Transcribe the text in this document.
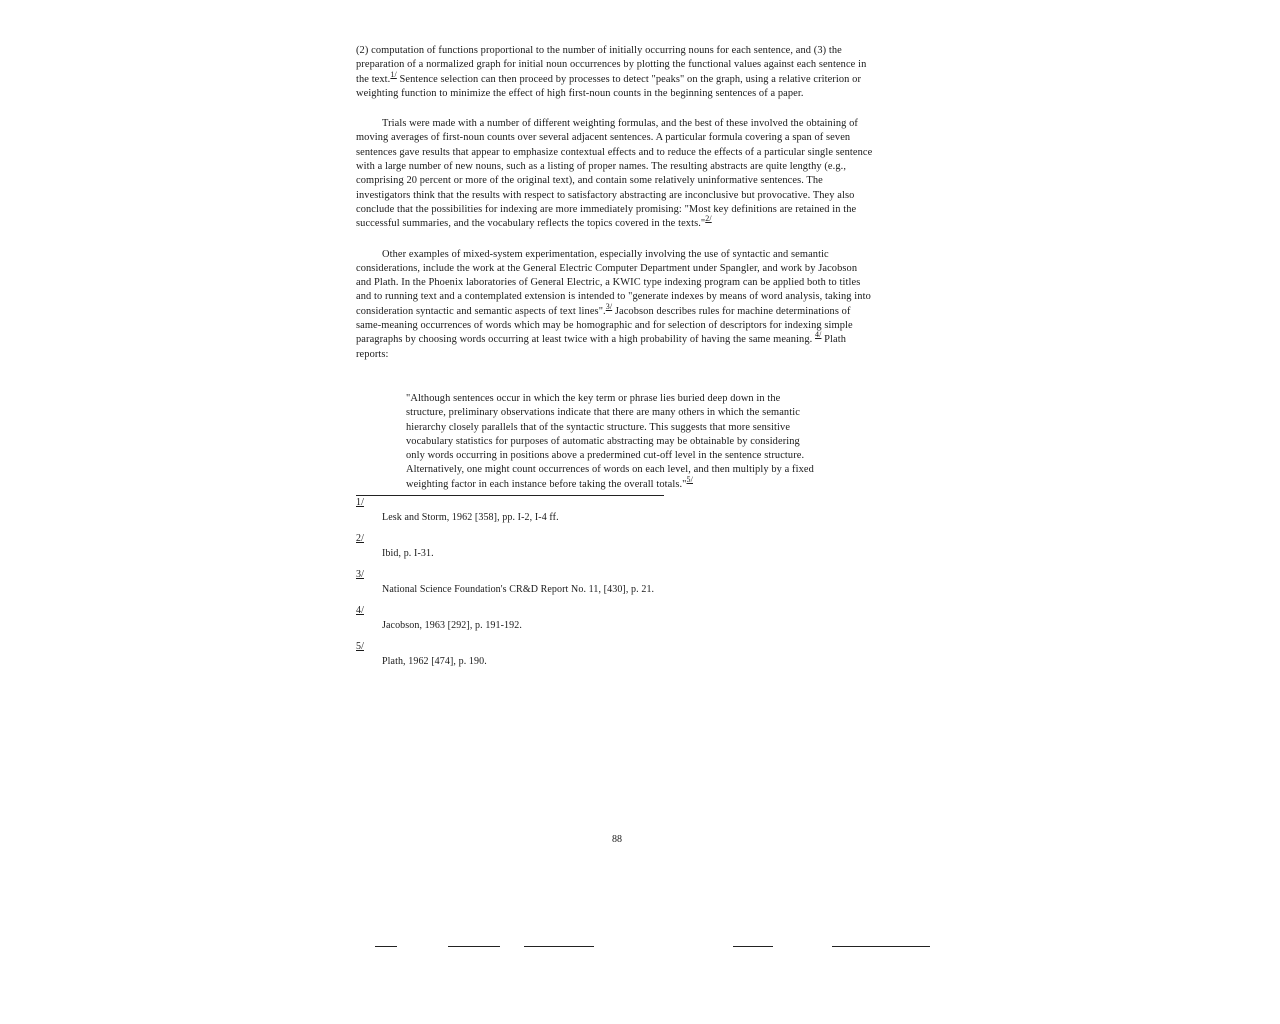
(2) computation of functions proportional to the number of initially occurring nouns for each sentence, and (3) the preparation of a normalized graph for initial noun occurrences by plotting the functional values against each sentence in the text.$^{1/}$ Sentence selection can then proceed by processes to detect "peaks" on the graph, using a relative criterion or weighting function to minimize the effect of high first-noun counts in the beginning sentences of a paper.

Trials were made with a number of different weighting formulas, and the best of these involved the obtaining of moving averages of first-noun counts over several adjacent sentences. A particular formula covering a span of seven sentences gave results that appear to emphasize contextual effects and to reduce the effects of a particular single sentence with a large number of new nouns, such as a listing of proper names. The resulting abstracts are quite lengthy (e.g., comprising 20 percent or more of the original text), and contain some relatively uninformative sentences. The investigators think that the results with respect to satisfactory abstracting are inconclusive but provocative. They also conclude that the possibilities for indexing are more immediately promising: "Most key definitions are retained in the successful summaries, and the vocabulary reflects the topics covered in the texts."$^{2/}$

Other examples of mixed-system experimentation, especially involving the use of syntactic and semantic considerations, include the work at the General Electric Computer Department under Spangler, and work by Jacobson and Plath. In the Phoenix laboratories of General Electric, a KWIC type indexing program can be applied both to titles and to running text and a contemplated extension is intended to "generate indexes by means of word analysis, taking into consideration syntactic and semantic aspects of text lines".$^{3/}$ Jacobson describes rules for machine determinations of same-meaning occurrences of words which may be homographic and for selection of descriptors for indexing simple paragraphs by choosing words occurring at least twice with a high probability of having the same meaning. $^{4/}$ Plath reports:

"Although sentences occur in which the key term or phrase lies buried deep down in the structure, preliminary observations indicate that there are many others in which the semantic hierarchy closely parallels that of the syntactic structure. This suggests that more sensitive vocabulary statistics for purposes of automatic abstracting may be obtainable by considering only words occurring in positions above a predermined cut-off level in the sentence structure. Alternatively, one might count occurrences of words on each level, and then multiply by a fixed weighting factor in each instance before taking the overall totals."$^{5/}$

1/
Lesk and Storm, 1962 [358], pp. I-2, I-4 ff.
2/
Ibid, p. I-31.
3/
National Science Foundation's CR&D Report No. 11, [430], p. 21.
4/
Jacobson, 1963 [292], p. 191-192.
5/
Plath, 1962 [474], p. 190.
88
